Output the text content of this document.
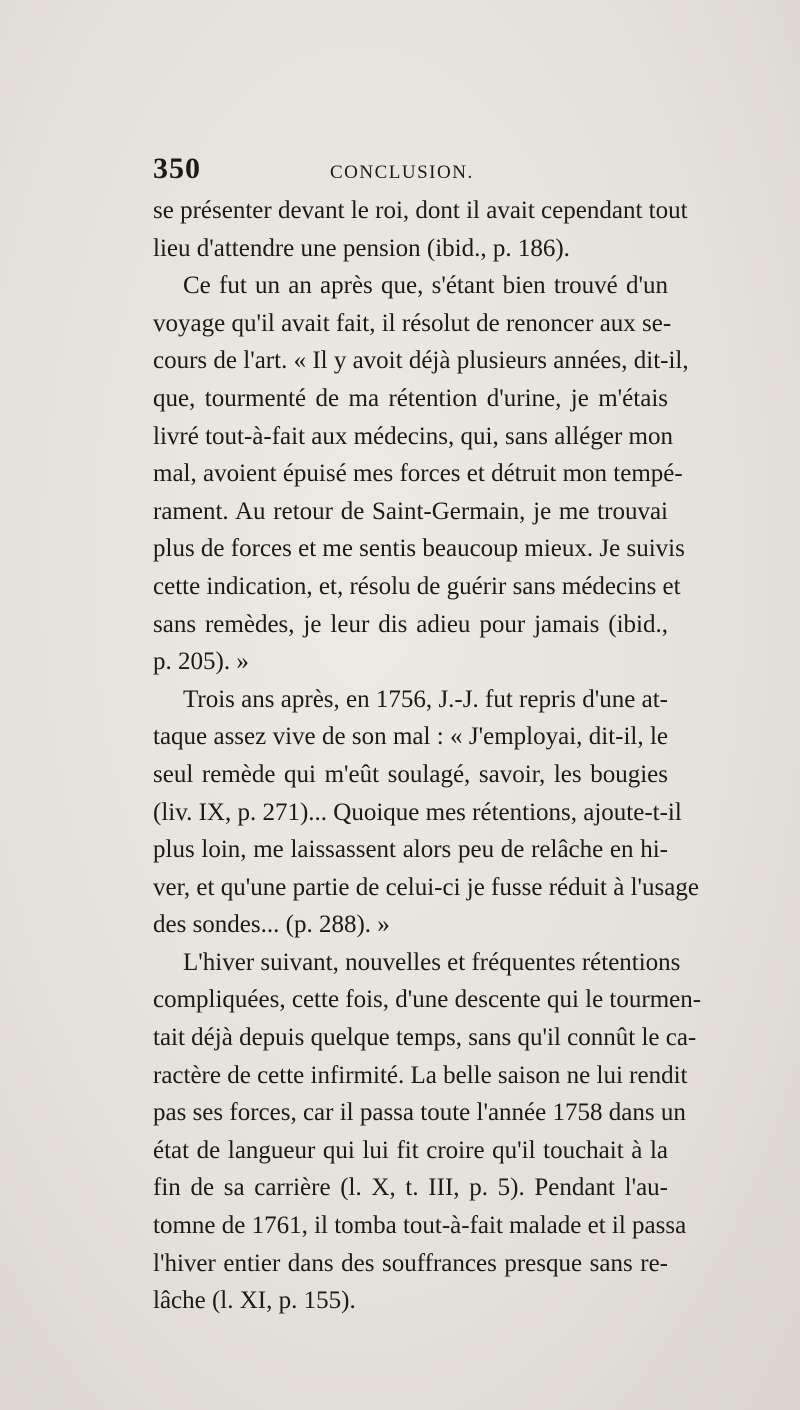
350	CONCLUSION.
se présenter devant le roi, dont il avait cependant tout
lieu d'attendre une pension (ibid., p. 186).
Ce fut un an après que, s'étant bien trouvé d'un
voyage qu'il avait fait, il résolut de renoncer aux se-
cours de l'art. « Il y avoit déjà plusieurs années, dit-il,
que, tourmenté de ma rétention d'urine, je m'étais
livré tout-à-fait aux médecins, qui, sans alléger mon
mal, avoient épuisé mes forces et détruit mon tempé-
rament. Au retour de Saint-Germain, je me trouvai
plus de forces et me sentis beaucoup mieux. Je suivis
cette indication, et, résolu de guérir sans médecins et
sans remèdes, je leur dis adieu pour jamais (ibid.,
p. 205). »
Trois ans après, en 1756, J.-J. fut repris d'une at-
taque assez vive de son mal : « J'employai, dit-il, le
seul remède qui m'eût soulagé, savoir, les bougies
(liv. IX, p. 271)... Quoique mes rétentions, ajoute-t-il
plus loin, me laissassent alors peu de relâche en hi-
ver, et qu'une partie de celui-ci je fusse réduit à l'usage
des sondes... (p. 288). »
L'hiver suivant, nouvelles et fréquentes rétentions
compliquées, cette fois, d'une descente qui le tourmen-
tait déjà depuis quelque temps, sans qu'il connût le ca-
ractère de cette infirmité. La belle saison ne lui rendit
pas ses forces, car il passa toute l'année 1758 dans un
état de langueur qui lui fit croire qu'il touchait à la
fin de sa carrière (l. X, t. III, p. 5). Pendant l'au-
tomne de 1761, il tomba tout-à-fait malade et il passa
l'hiver entier dans des souffrances presque sans re-
lâche (l. XI, p. 155).
